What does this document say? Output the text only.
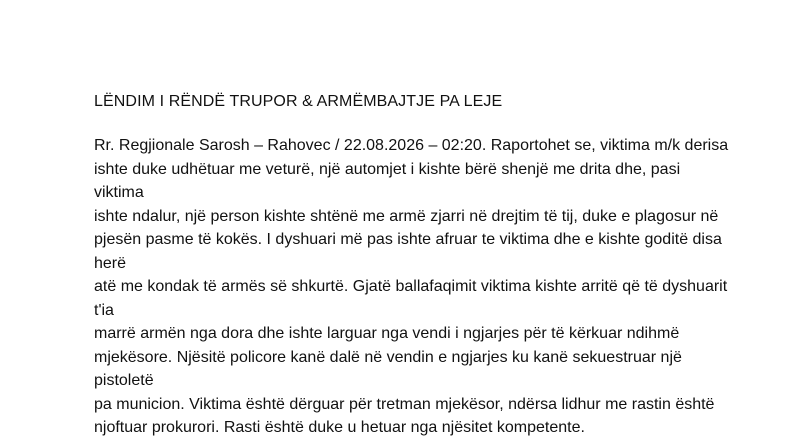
LËNDIM I RËNDË TRUPOR & ARMËMBAJTJE PA LEJE

Rr. Regjionale Sarosh – Rahovec / 22.08.2026 – 02:20. Raportohet se, viktima m/k derisa
ishte duke udhëtuar me veturë, një automjet i kishte bërë shenjë me drita dhe, pasi viktima
ishte ndalur, një person kishte shtënë me armë zjarri në drejtim të tij, duke e plagosur në
pjesën pasme të kokës. I dyshuari më pas ishte afruar te viktima dhe e kishte goditë disa herë
atë me kondak të armës së shkurtë. Gjatë ballafaqimit viktima kishte arritë që të dyshuarit t'ia
marrë armën nga dora dhe ishte larguar nga vendi i ngjarjes për të kërkuar ndihmë
mjekësore. Njësitë policore kanë dalë në vendin e ngjarjes ku kanë sekuestruar një pistoletë
pa municion. Viktima është dërguar për tretman mjekësor, ndërsa lidhur me rastin është
njoftuar prokurori. Rasti është duke u hetuar nga njësitet kompetente.
